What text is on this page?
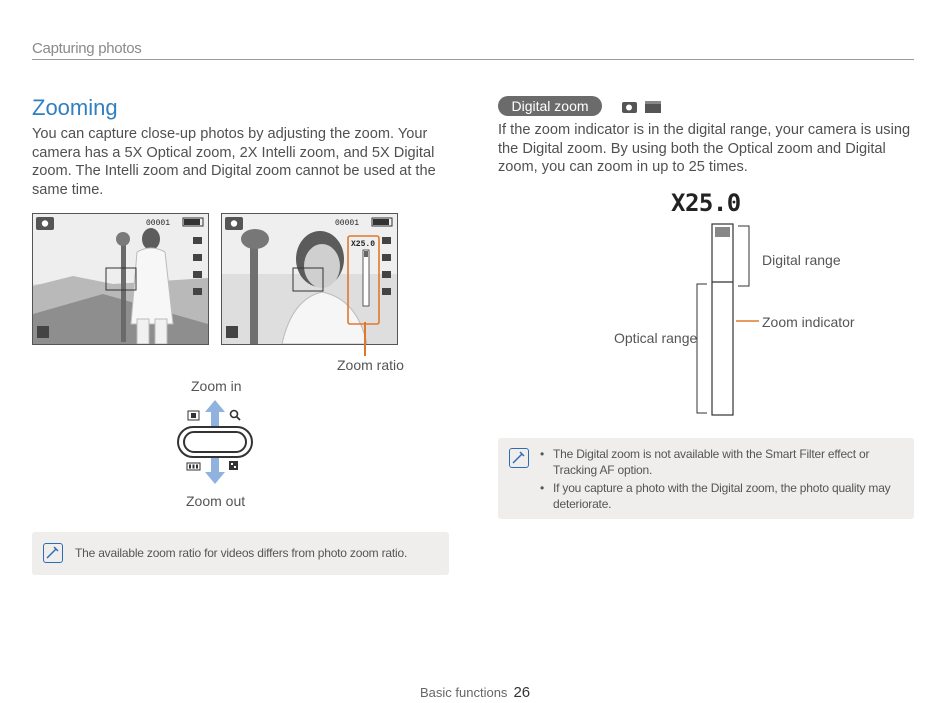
Capturing photos
Zooming
You can capture close-up photos by adjusting the zoom. Your camera has a 5X Optical zoom, 2X Intelli zoom, and 5X Digital zoom. The Intelli zoom and Digital zoom cannot be used at the same time.
00001
X25.0
00001
Zoom ratio
Zoom in
Zoom out
The available zoom ratio for videos differs from photo zoom ratio.
Digital zoom
If the zoom indicator is in the digital range, your camera is using the Digital zoom. By using both the Optical zoom and Digital zoom, you can zoom in up to 25 times.
X25.0
Digital range
Zoom indicator
Optical range
• The Digital zoom is not available with the Smart Filter effect or Tracking AF option.
• If you capture a photo with the Digital zoom, the photo quality may deteriorate.
Basic functions 26
